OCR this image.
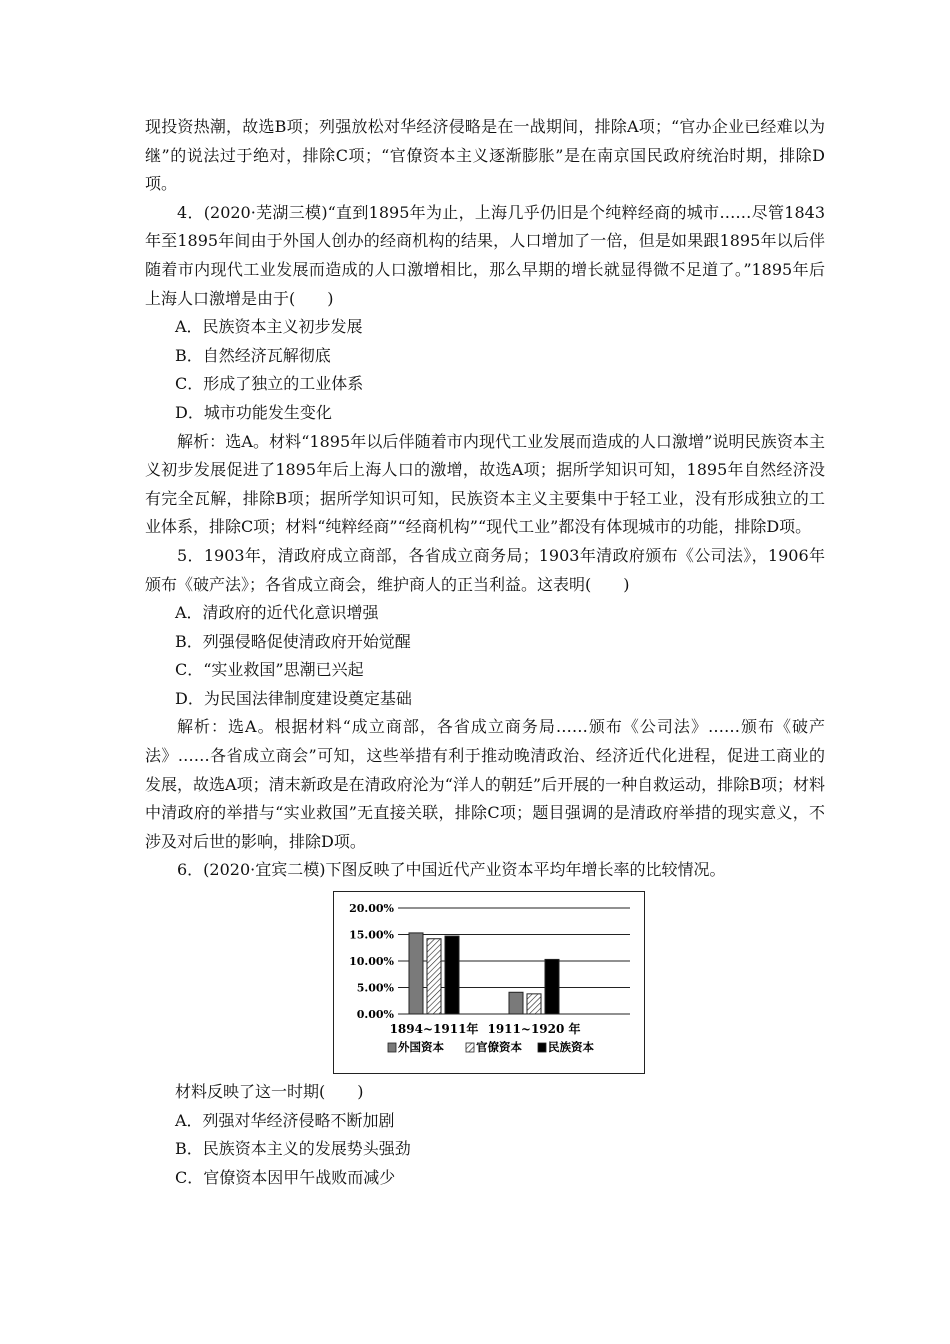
现投资热潮，故选B项；列强放松对华经济侵略是在一战期间，排除A项；“官办企业已经难以为继”的说法过于绝对，排除C项；“官僚资本主义逐渐膨胀”是在南京国民政府统治时期，排除D项。

4．(2020·芜湖三模)“直到1895年为止，上海几乎仍旧是个纯粹经商的城市……尽管1843年至1895年间由于外国人创办的经商机构的结果，人口增加了一倍，但是如果跟1895年以后伴随着市内现代工业发展而造成的人口激增相比，那么早期的增长就显得微不足道了。”1895年后上海人口激增是由于(　　)

A．民族资本主义初步发展

B．自然经济瓦解彻底

C．形成了独立的工业体系

D．城市功能发生变化

解析：选A。材料“1895年以后伴随着市内现代工业发展而造成的人口激增”说明民族资本主义初步发展促进了1895年后上海人口的激增，故选A项；据所学知识可知，1895年自然经济没有完全瓦解，排除B项；据所学知识可知，民族资本主义主要集中于轻工业，没有形成独立的工业体系，排除C项；材料“纯粹经商”“经商机构”“现代工业”都没有体现城市的功能，排除D项。

5．1903年，清政府成立商部，各省成立商务局；1903年清政府颁布《公司法》，1906年颁布《破产法》；各省成立商会，维护商人的正当利益。这表明(　　)

A．清政府的近代化意识增强

B．列强侵略促使清政府开始觉醒

C．“实业救国”思潮已兴起

D．为民国法律制度建设奠定基础

解析：选A。根据材料“成立商部，各省成立商务局……颁布《公司法》……颁布《破产法》……各省成立商会”可知，这些举措有利于推动晚清政治、经济近代化进程，促进工商业的发展，故选A项；清末新政是在清政府沦为“洋人的朝廷”后开展的一种自救运动，排除B项；材料中清政府的举措与“实业救国”无直接关联，排除C项；题目强调的是清政府举措的现实意义，不涉及对后世的影响，排除D项。

6．(2020·宜宾二模)下图反映了中国近代产业资本平均年增长率的比较情况。

0.00%
5.00%
10.00%
15.00%
20.00%
1894~1911年 1911~1920 年
外国资本	官僚资本 民族资本

材料反映了这一时期(　　)

A．列强对华经济侵略不断加剧

B．民族资本主义的发展势头强劲

C．官僚资本因甲午战败而减少
